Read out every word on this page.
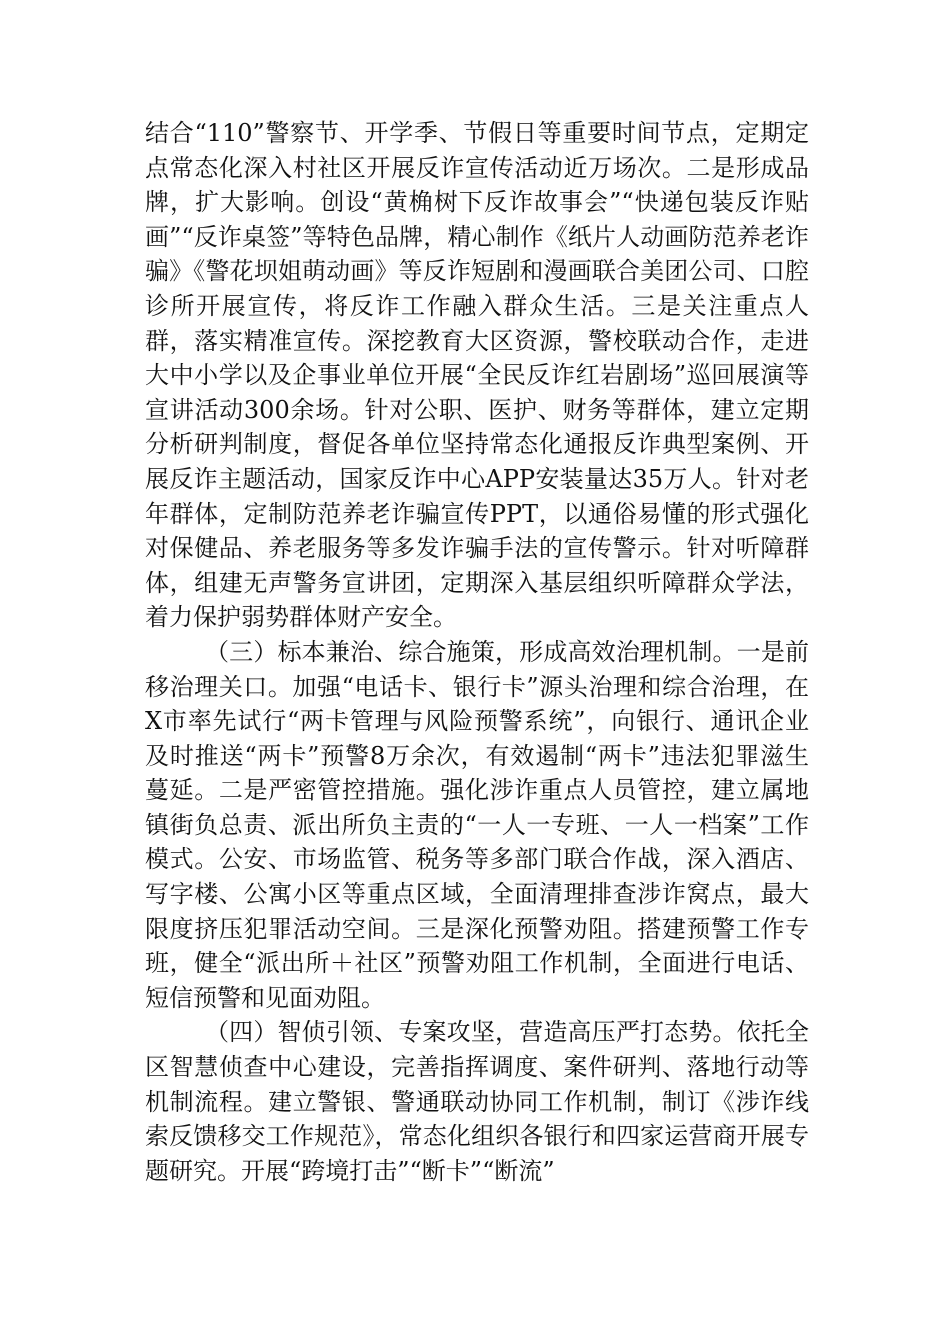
结合“110”警察节、开学季、节假日等重要时间节点，定期定点常态化深入村社区开展反诈宣传活动近万场次。二是形成品牌，扩大影响。创设“黄桷树下反诈故事会”“快递包装反诈贴画”“反诈桌签”等特色品牌，精心制作《纸片人动画防范养老诈骗》《警花坝姐萌动画》等反诈短剧和漫画联合美团公司、口腔诊所开展宣传，将反诈工作融入群众生活。三是关注重点人群，落实精准宣传。深挖教育大区资源，警校联动合作，走进大中小学以及企事业单位开展“全民反诈红岩剧场”巡回展演等宣讲活动300余场。针对公职、医护、财务等群体，建立定期分析研判制度，督促各单位坚持常态化通报反诈典型案例、开展反诈主题活动，国家反诈中心APP安装量达35万人。针对老年群体，定制防范养老诈骗宣传PPT，以通俗易懂的形式强化对保健品、养老服务等多发诈骗手法的宣传警示。针对听障群体，组建无声警务宣讲团，定期深入基层组织听障群众学法，着力保护弱势群体财产安全。

（三）标本兼治、综合施策，形成高效治理机制。一是前移治理关口。加强“电话卡、银行卡”源头治理和综合治理，在X市率先试行“两卡管理与风险预警系统”，向银行、通讯企业及时推送“两卡”预警8万余次，有效遏制“两卡”违法犯罪滋生蔓延。二是严密管控措施。强化涉诈重点人员管控，建立属地镇街负总责、派出所负主责的“一人一专班、一人一档案”工作模式。公安、市场监管、税务等多部门联合作战，深入酒店、写字楼、公寓小区等重点区域，全面清理排查涉诈窝点，最大限度挤压犯罪活动空间。三是深化预警劝阻。搭建预警工作专班，健全“派出所＋社区”预警劝阻工作机制，全面进行电话、短信预警和见面劝阻。

（四）智侦引领、专案攻坚，营造高压严打态势。依托全区智慧侦查中心建设，完善指挥调度、案件研判、落地行动等机制流程。建立警银、警通联动协同工作机制，制订《涉诈线索反馈移交工作规范》，常态化组织各银行和四家运营商开展专题研究。开展“跨境打击”“断卡”“断流”
